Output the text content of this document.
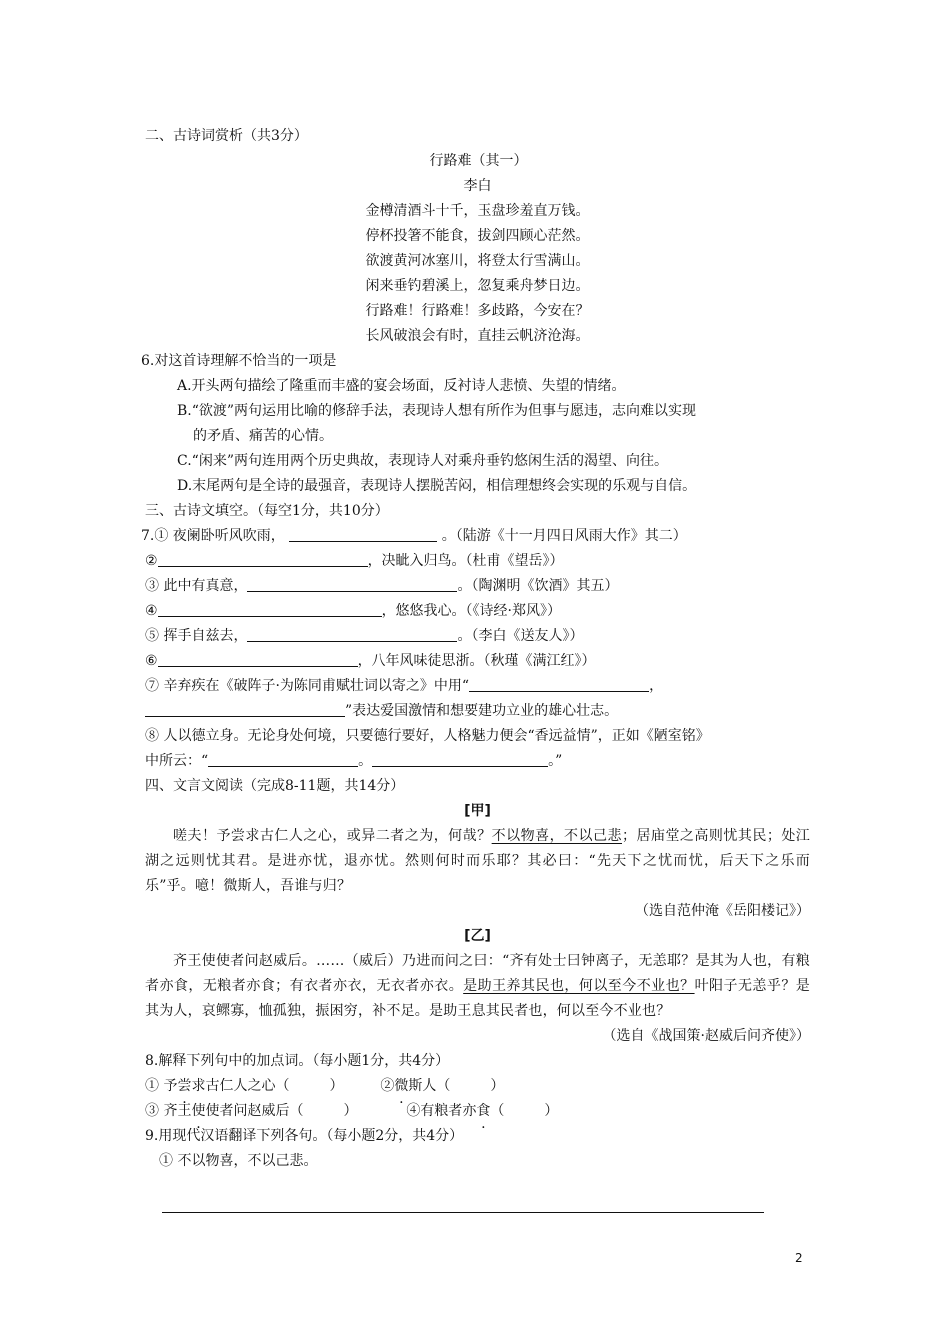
二、古诗词赏析（共3分）
行路难（其一）
李白
金樽清酒斗十千，玉盘珍羞直万钱。
停杯投箸不能食，拔剑四顾心茫然。
欲渡黄河冰塞川，将登太行雪满山。
闲来垂钓碧溪上，忽复乘舟梦日边。
行路难！行路难！多歧路，今安在？
长风破浪会有时，直挂云帆济沧海。
6.对这首诗理解不恰当的一项是
A.开头两句描绘了隆重而丰盛的宴会场面，反衬诗人悲愤、失望的情绪。
B.“欲渡”两句运用比喻的修辞手法，表现诗人想有所作为但事与愿违，志向难以实现
的矛盾、痛苦的心情。
C.“闲来”两句连用两个历史典故，表现诗人对乘舟垂钓悠闲生活的渴望、向往。
D.末尾两句是全诗的最强音，表现诗人摆脱苦闷，相信理想终会实现的乐观与自信。
三、古诗文填空。（每空1分，共10分）
7.① 夜阑卧听风吹雨，	。（陆游《十一月四日风雨大作》其二）
②	，决眦入归鸟。（杜甫《望岳》）
③ 此中有真意，	。（陶渊明《饮酒》其五）
④	，悠悠我心。（《诗经·郑风》）
⑤ 挥手自兹去，	。（李白《送友人》）
⑥	，八年风味徒思浙。（秋瑾《满江红》）
⑦ 辛弃疾在《破阵子·为陈同甫赋壮词以寄之》中用“	，
”表达爱国激情和想要建功立业的雄心壮志。
⑧ 人以德立身。无论身处何境，只要德行要好，人格魅力便会“香远益情”，正如《陋室铭》
中所云：“	。	。”
四、文言文阅读（完成8-11题，共14分）
[甲]

嗟夫！予尝求古仁人之心，或异二者之为，何哉？不以物喜，不以己悲；居庙堂之高则忧其民；处江湖之远则忧其君。是进亦忧，退亦忧。然则何时而乐耶？其必曰：“先天下之忧而忧，后天下之乐而乐”乎。噫！微斯人，吾谁与归？

（选自范仲淹《岳阳楼记》）
[乙]

齐王使使者问赵威后。……（威后）乃进而问之曰：“齐有处士曰钟离子，无恙耶？是其为人也，有粮者亦食，无粮者亦食；有衣者亦衣，无衣者亦衣。是助王养其民也，何以至今不业也？叶阳子无恙乎？是其为人，哀鳏寡，恤孤独，振困穷，补不足。是助王息其民者也，何以至今不业也？

（选自《战国策·赵威后问齐使》）
8.解释下列句中的加点词。（每小题1分，共4分）
① 予尝求古仁人之心（	）	②微斯人（	）
③ 齐王使使者问赵威后（	）	④有粮者亦食（	）
9.用现代汉语翻译下列各句。（每小题2分，共4分）
① 不以物喜，不以己悲。
2
